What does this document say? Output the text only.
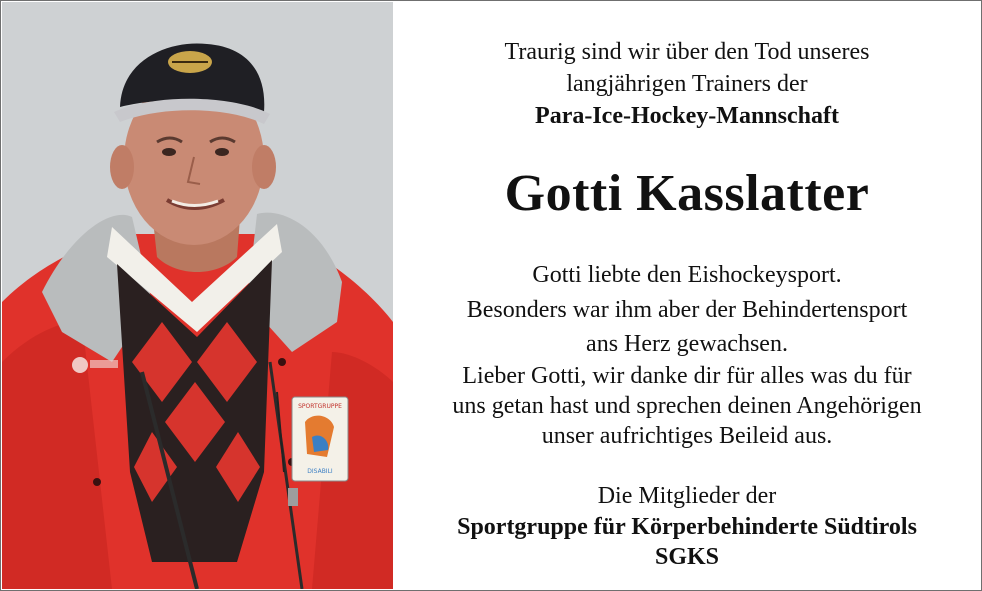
SPORTGRUPPE
DISABILI
Traurig sind wir über den Tod unseres
langjährigen Trainers der
Para-Ice-Hockey-Mannschaft
Gotti Kasslatter
Gotti liebte den Eishockeysport.
Besonders war ihm aber der Behindertensport
ans Herz gewachsen.
Lieber Gotti, wir danke dir für alles was du für
uns getan hast und sprechen deinen Angehörigen
unser aufrichtiges Beileid aus.
Die Mitglieder der
Sportgruppe für Körperbehinderte Südtirols
SGKS
